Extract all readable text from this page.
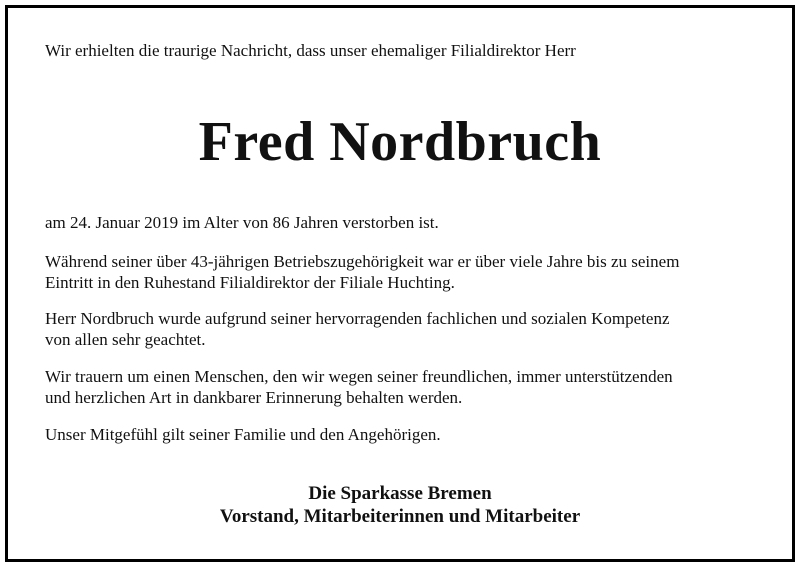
Wir erhielten die traurige Nachricht, dass unser ehemaliger Filialdirektor Herr
Fred Nordbruch
am 24. Januar 2019 im Alter von 86 Jahren verstorben ist.
Während seiner über 43-jährigen Betriebszugehörigkeit war er über viele Jahre bis zu seinem
Eintritt in den Ruhestand Filialdirektor der Filiale Huchting.
Herr Nordbruch wurde aufgrund seiner hervorragenden fachlichen und sozialen Kompetenz
von allen sehr geachtet.
Wir trauern um einen Menschen, den wir wegen seiner freundlichen, immer unterstützenden
und herzlichen Art in dankbarer Erinnerung behalten werden.
Unser Mitgefühl gilt seiner Familie und den Angehörigen.
Die Sparkasse Bremen
Vorstand, Mitarbeiterinnen und Mitarbeiter
